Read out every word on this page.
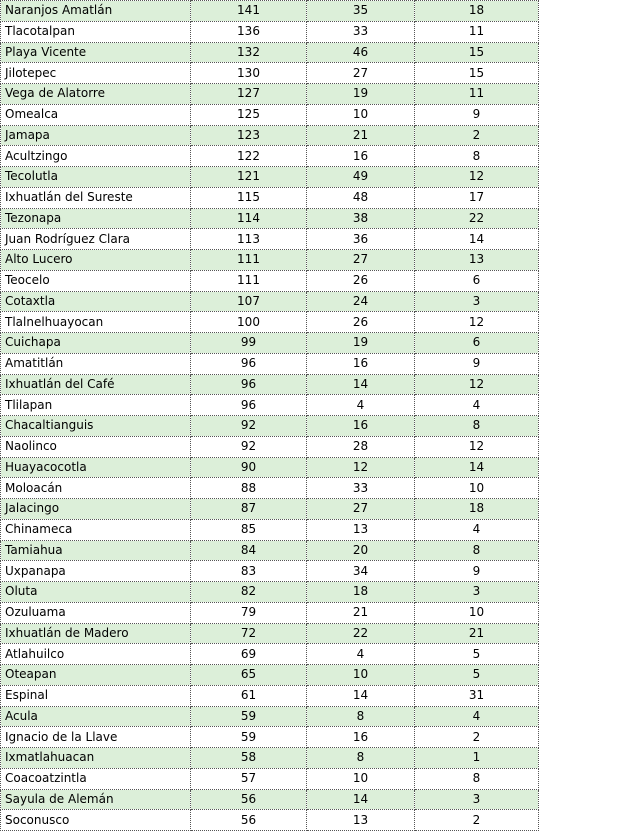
Naranjos Amatlán	141	35	18
Tlacotalpan	136	33	11
Playa Vicente	132	46	15
Jilotepec	130	27	15
Vega de Alatorre	127	19	11
Omealca	125	10	9
Jamapa	123	21	2
Acultzingo	122	16	8
Tecolutla	121	49	12
Ixhuatlán del Sureste	115	48	17
Tezonapa	114	38	22
Juan Rodríguez Clara	113	36	14
Alto Lucero	111	27	13
Teocelo	111	26	6
Cotaxtla	107	24	3
Tlalnelhuayocan	100	26	12
Cuichapa	99	19	6
Amatitlán	96	16	9
Ixhuatlán del Café	96	14	12
Tlilapan	96	4	4
Chacaltianguis	92	16	8
Naolinco	92	28	12
Huayacocotla	90	12	14
Moloacán	88	33	10
Jalacingo	87	27	18
Chinameca	85	13	4
Tamiahua	84	20	8
Uxpanapa	83	34	9
Oluta	82	18	3
Ozuluama	79	21	10
Ixhuatlán de Madero	72	22	21
Atlahuilco	69	4	5
Oteapan	65	10	5
Espinal	61	14	31
Acula	59	8	4
Ignacio de la Llave	59	16	2
Ixmatlahuacan	58	8	1
Coacoatzintla	57	10	8
Sayula de Alemán	56	14	3
Soconusco	56	13	2
